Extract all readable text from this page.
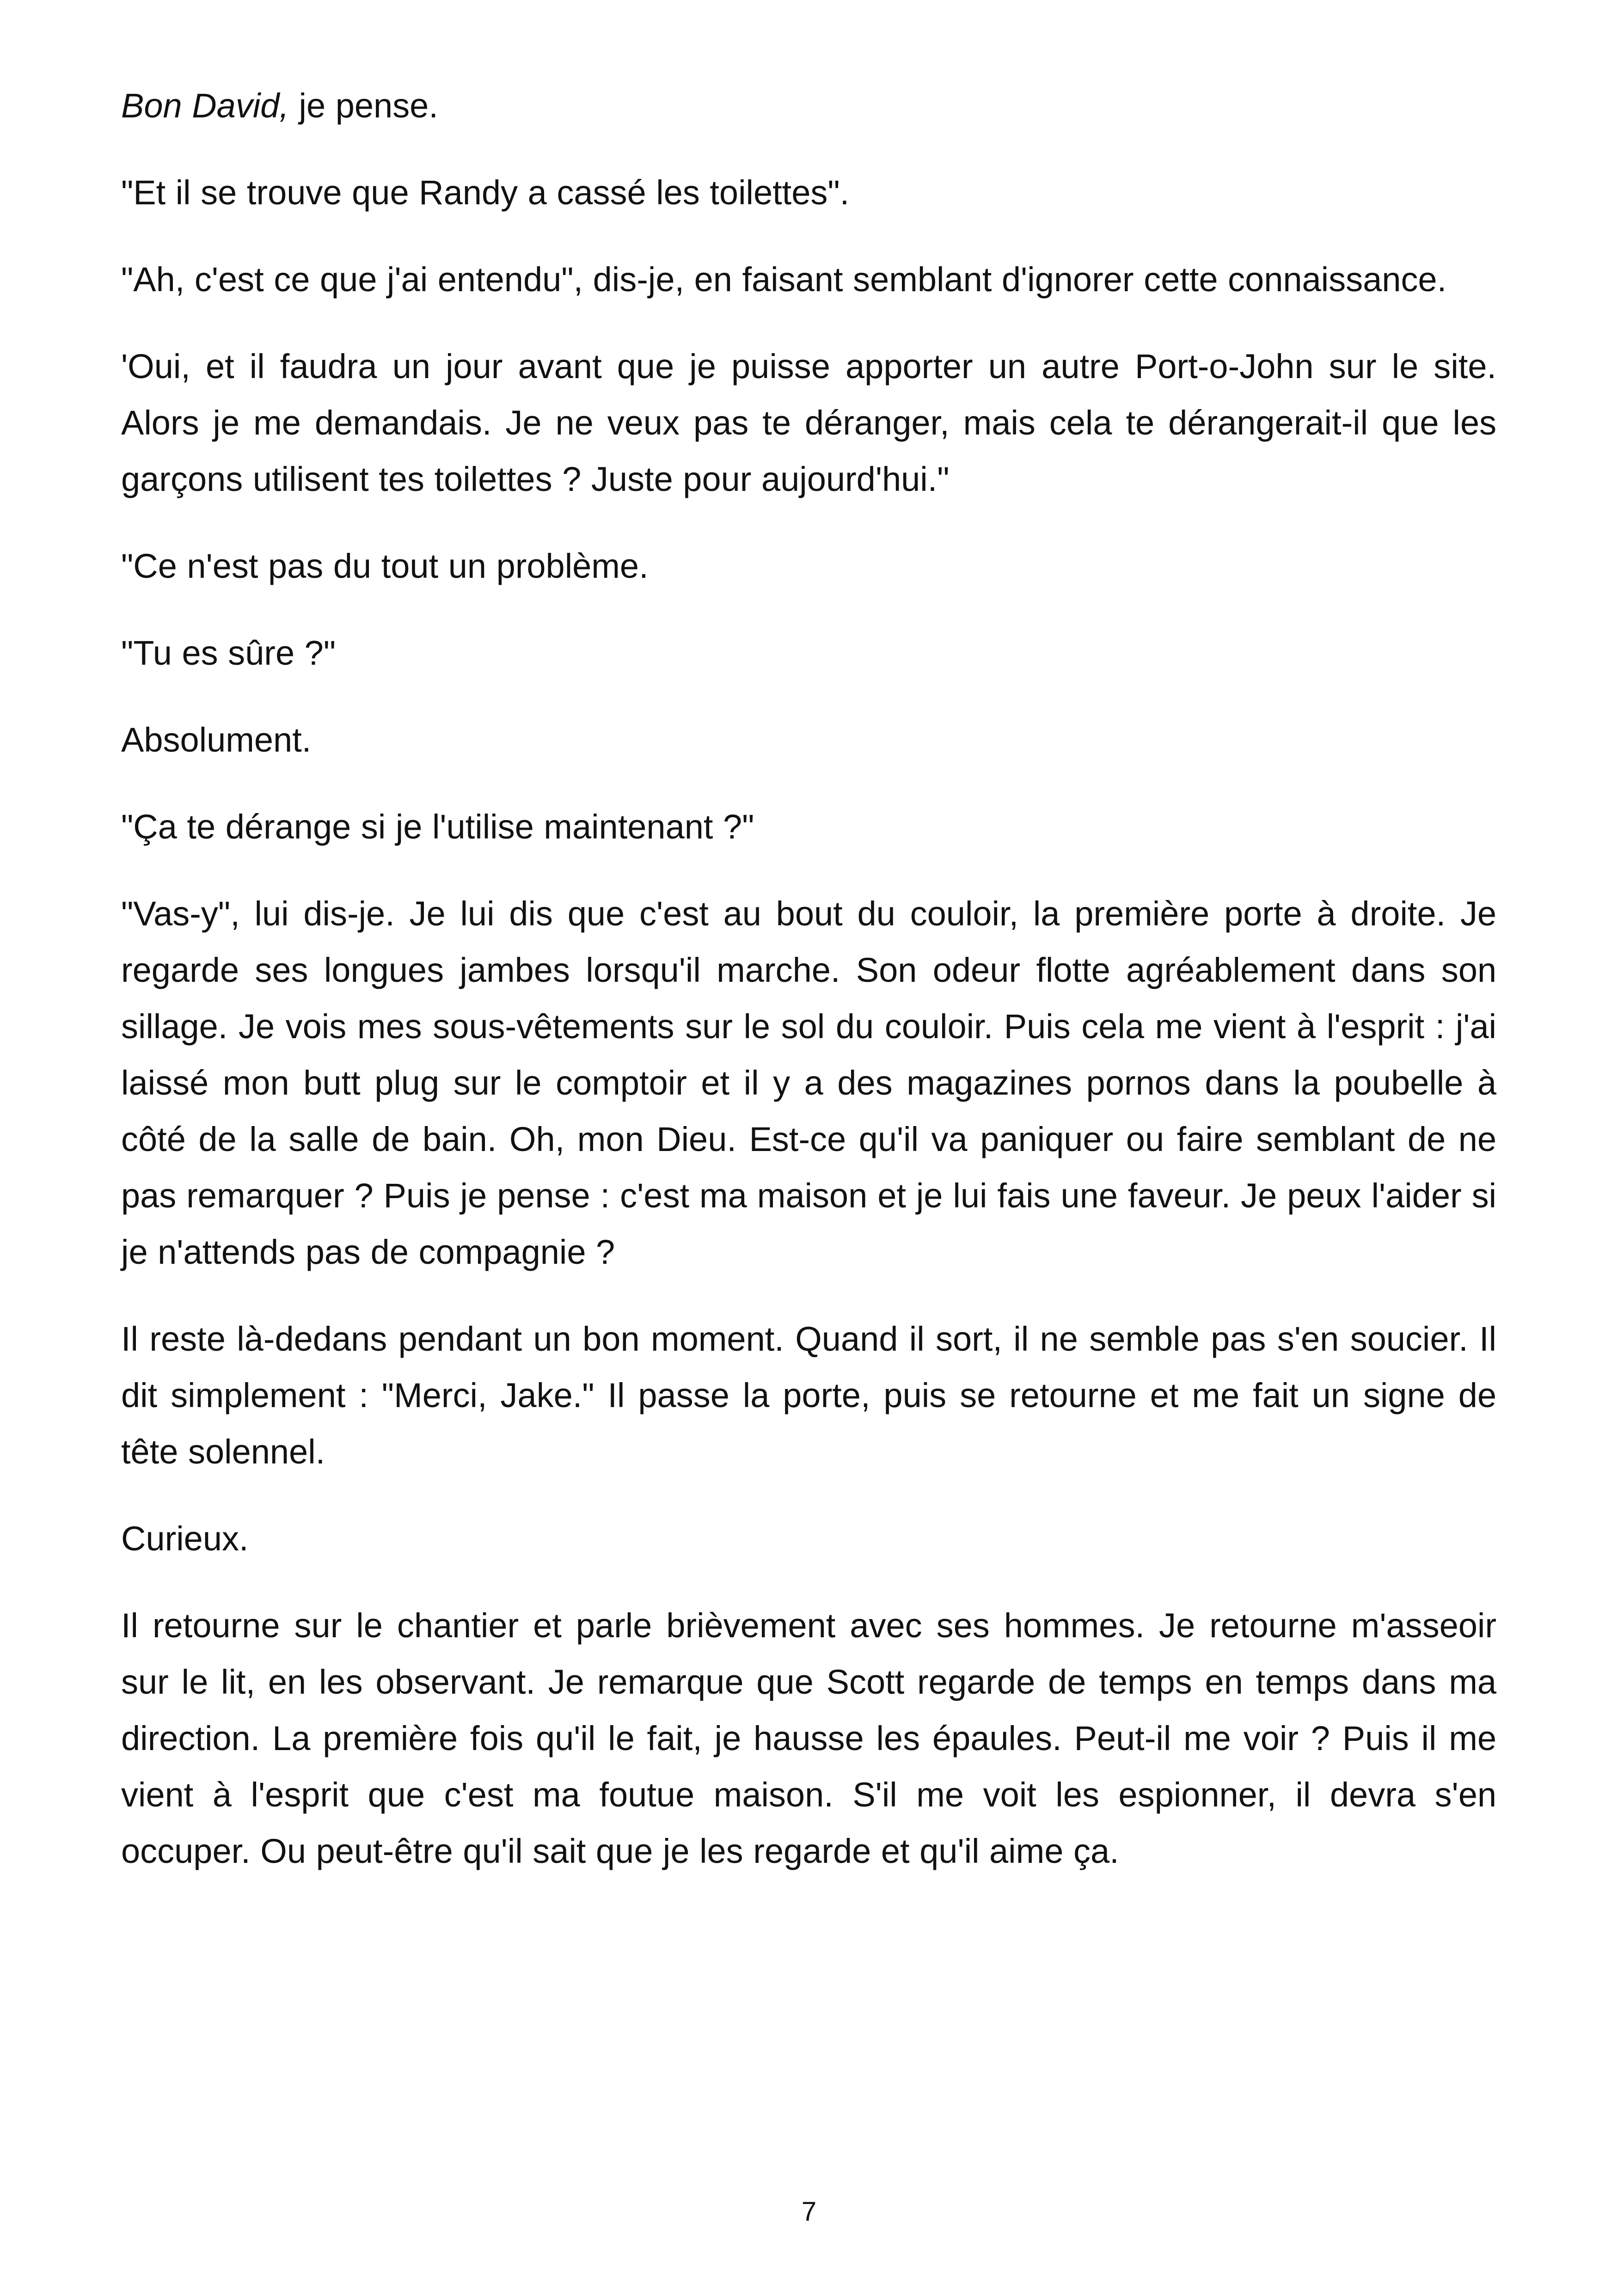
Bon David, je pense.

"Et il se trouve que Randy a cassé les toilettes".

"Ah, c'est ce que j'ai entendu", dis-je, en faisant semblant d'ignorer cette connaissance.

'Oui, et il faudra un jour avant que je puisse apporter un autre Port-o-John sur le site. Alors je me demandais. Je ne veux pas te déranger, mais cela te dérangerait-il que les garçons utilisent tes toilettes ? Juste pour aujourd'hui."

"Ce n'est pas du tout un problème.

"Tu es sûre ?"

Absolument.

"Ça te dérange si je l'utilise maintenant ?"

"Vas-y", lui dis-je. Je lui dis que c'est au bout du couloir, la première porte à droite. Je regarde ses longues jambes lorsqu'il marche. Son odeur flotte agréablement dans son sillage. Je vois mes sous-vêtements sur le sol du couloir. Puis cela me vient à l'esprit : j'ai laissé mon butt plug sur le comptoir et il y a des magazines pornos dans la poubelle à côté de la salle de bain. Oh, mon Dieu. Est-ce qu'il va paniquer ou faire semblant de ne pas remarquer ? Puis je pense : c'est ma maison et je lui fais une faveur. Je peux l'aider si je n'attends pas de compagnie ?

Il reste là-dedans pendant un bon moment. Quand il sort, il ne semble pas s'en soucier. Il dit simplement : "Merci, Jake." Il passe la porte, puis se retourne et me fait un signe de tête solennel.

Curieux.

Il retourne sur le chantier et parle brièvement avec ses hommes. Je retourne m'asseoir sur le lit, en les observant. Je remarque que Scott regarde de temps en temps dans ma direction. La première fois qu'il le fait, je hausse les épaules. Peut-il me voir ? Puis il me vient à l'esprit que c'est ma foutue maison. S'il me voit les espionner, il devra s'en occuper. Ou peut-être qu'il sait que je les regarde et qu'il aime ça.

7
